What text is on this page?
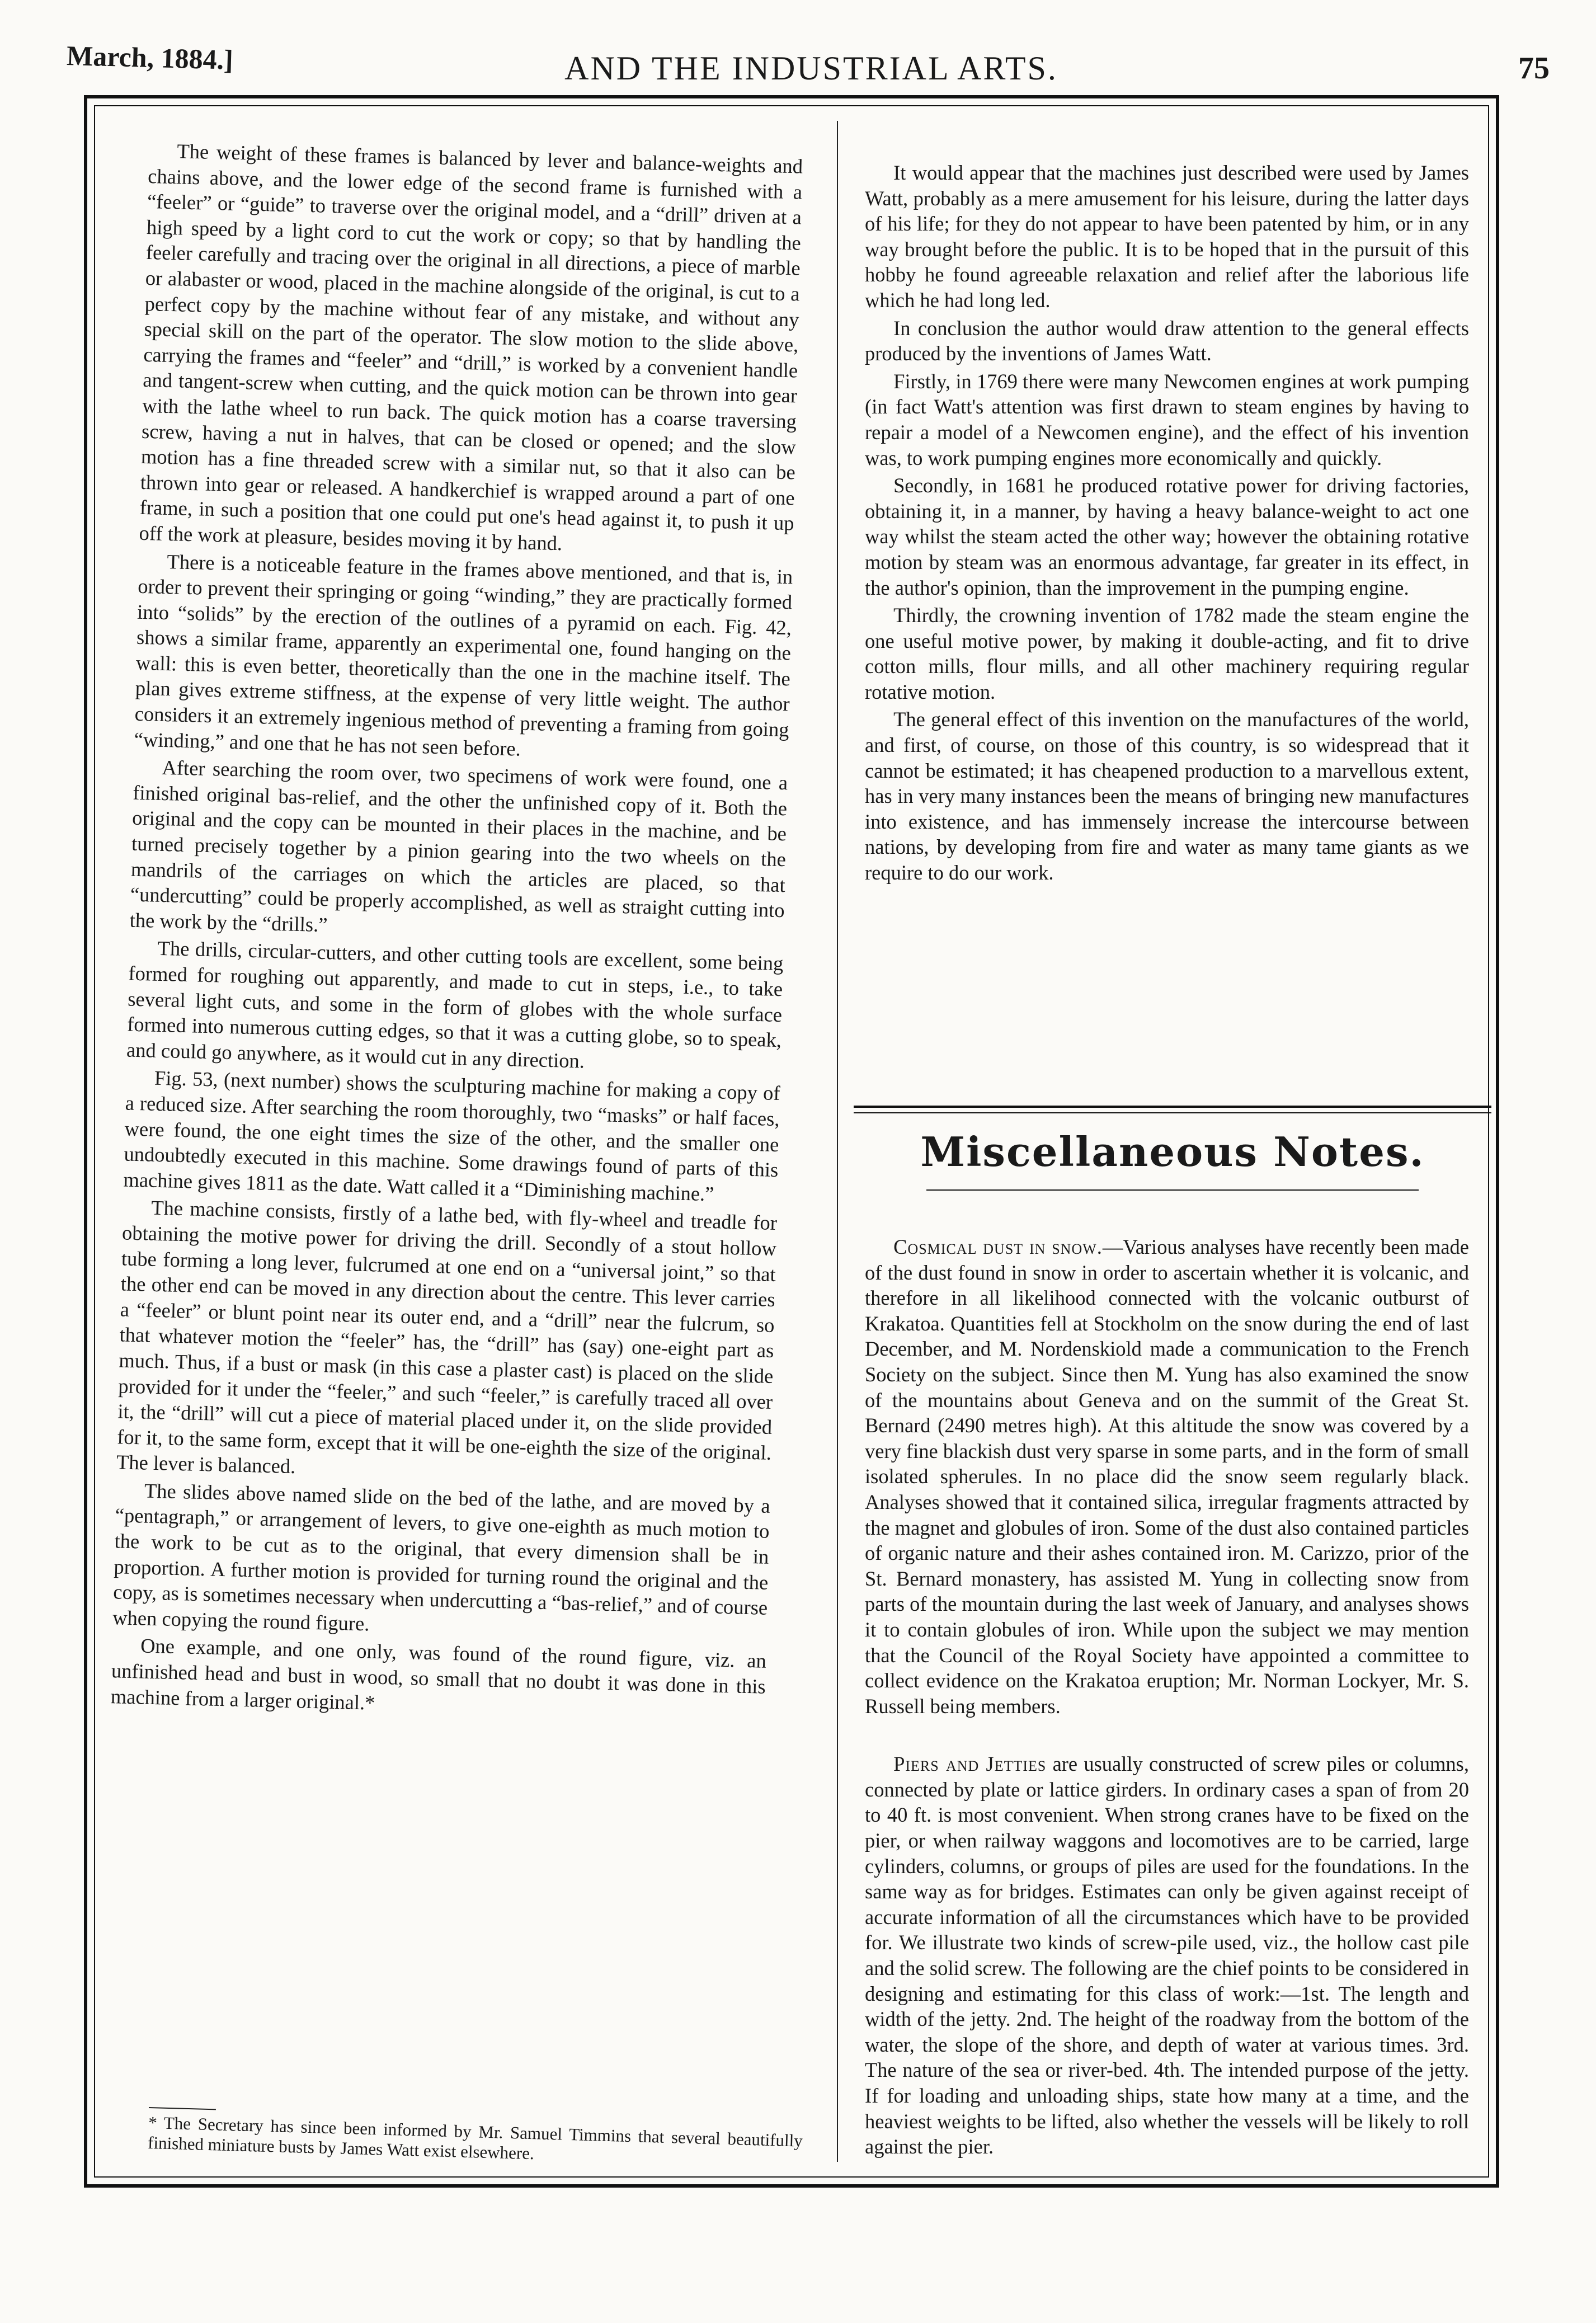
March, 1884.]	AND THE INDUSTRIAL ARTS.	75

The weight of these frames is balanced by lever and balance-weights and chains above, and the lower edge of the second frame is furnished with a “feeler” or “guide” to traverse over the original model, and a “drill” driven at a high speed by a light cord to cut the work or copy; so that by handling the feeler carefully and tracing over the original in all directions, a piece of marble or alabaster or wood, placed in the machine alongside of the original, is cut to a perfect copy by the machine without fear of any mistake, and without any special skill on the part of the operator. The slow motion to the slide above, carrying the frames and “feeler” and “drill,” is worked by a convenient handle and tangent-screw when cutting, and the quick motion can be thrown into gear with the lathe wheel to run back. The quick motion has a coarse traversing screw, having a nut in halves, that can be closed or opened; and the slow motion has a fine threaded screw with a similar nut, so that it also can be thrown into gear or released. A handkerchief is wrapped around a part of one frame, in such a position that one could put one's head against it, to push it up off the work at pleasure, besides moving it by hand.

There is a noticeable feature in the frames above mentioned, and that is, in order to prevent their springing or going “winding,” they are practically formed into “solids” by the erection of the outlines of a pyramid on each. Fig. 42, shows a similar frame, apparently an experimental one, found hanging on the wall: this is even better, theoretically than the one in the machine itself. The plan gives extreme stiffness, at the expense of very little weight. The author considers it an extremely ingenious method of preventing a framing from going “winding,” and one that he has not seen before.

After searching the room over, two specimens of work were found, one a finished original bas-relief, and the other the unfinished copy of it. Both the original and the copy can be mounted in their places in the machine, and be turned precisely together by a pinion gearing into the two wheels on the mandrils of the carriages on which the articles are placed, so that “undercutting” could be properly accomplished, as well as straight cutting into the work by the “drills.”

The drills, circular-cutters, and other cutting tools are excellent, some being formed for roughing out apparently, and made to cut in steps, i.e., to take several light cuts, and some in the form of globes with the whole surface formed into numerous cutting edges, so that it was a cutting globe, so to speak, and could go anywhere, as it would cut in any direction.

Fig. 53, (next number) shows the sculpturing machine for making a copy of a reduced size. After searching the room thoroughly, two “masks” or half faces, were found, the one eight times the size of the other, and the smaller one undoubtedly executed in this machine. Some drawings found of parts of this machine gives 1811 as the date. Watt called it a “Diminishing machine.”

The machine consists, firstly of a lathe bed, with fly-wheel and treadle for obtaining the motive power for driving the drill. Secondly of a stout hollow tube forming a long lever, fulcrumed at one end on a “universal joint,” so that the other end can be moved in any direction about the centre. This lever carries a “feeler” or blunt point near its outer end, and a “drill” near the fulcrum, so that whatever motion the “feeler” has, the “drill” has (say) one-eight part as much. Thus, if a bust or mask (in this case a plaster cast) is placed on the slide provided for it under the “feeler,” and such “feeler,” is carefully traced all over it, the “drill” will cut a piece of material placed under it, on the slide provided for it, to the same form, except that it will be one-eighth the size of the original. The lever is balanced.

The slides above named slide on the bed of the lathe, and are moved by a “pentagraph,” or arrangement of levers, to give one-eighth as much motion to the work to be cut as to the original, that every dimension shall be in proportion. A further motion is provided for turning round the original and the copy, as is sometimes necessary when undercutting a “bas-relief,” and of course when copying the round figure.

One example, and one only, was found of the round figure, viz. an unfinished head and bust in wood, so small that no doubt it was done in this machine from a larger original.*

* The Secretary has since been informed by Mr. Samuel Timmins that several beautifully finished miniature busts by James Watt exist elsewhere.

It would appear that the machines just described were used by James Watt, probably as a mere amusement for his leisure, during the latter days of his life; for they do not appear to have been patented by him, or in any way brought before the public. It is to be hoped that in the pursuit of this hobby he found agreeable relaxation and relief after the laborious life which he had long led.

In conclusion the author would draw attention to the general effects produced by the inventions of James Watt.

Firstly, in 1769 there were many Newcomen engines at work pumping (in fact Watt's attention was first drawn to steam engines by having to repair a model of a Newcomen engine), and the effect of his invention was, to work pumping engines more economically and quickly.

Secondly, in 1681 he produced rotative power for driving factories, obtaining it, in a manner, by having a heavy balance-weight to act one way whilst the steam acted the other way; however the obtaining rotative motion by steam was an enormous advantage, far greater in its effect, in the author's opinion, than the improvement in the pumping engine.

Thirdly, the crowning invention of 1782 made the steam engine the one useful motive power, by making it double-acting, and fit to drive cotton mills, flour mills, and all other machinery requiring regular rotative motion.

The general effect of this invention on the manufactures of the world, and first, of course, on those of this country, is so widespread that it cannot be estimated; it has cheapened production to a marvellous extent, has in very many instances been the means of bringing new manufactures into existence, and has immensely increase the intercourse between nations, by developing from fire and water as many tame giants as we require to do our work.

Miscellaneous Notes.

Cosmical dust in snow.—Various analyses have recently been made of the dust found in snow in order to ascertain whether it is volcanic, and therefore in all likelihood connected with the volcanic outburst of Krakatoa. Quantities fell at Stockholm on the snow during the end of last December, and M. Nordenskiold made a communication to the French Society on the subject. Since then M. Yung has also examined the snow of the mountains about Geneva and on the summit of the Great St. Bernard (2490 metres high). At this altitude the snow was covered by a very fine blackish dust very sparse in some parts, and in the form of small isolated spherules. In no place did the snow seem regularly black. Analyses showed that it contained silica, irregular fragments attracted by the magnet and globules of iron. Some of the dust also contained particles of organic nature and their ashes contained iron. M. Carizzo, prior of the St. Bernard monastery, has assisted M. Yung in collecting snow from parts of the mountain during the last week of January, and analyses shows it to contain globules of iron. While upon the subject we may mention that the Council of the Royal Society have appointed a committee to collect evidence on the Krakatoa eruption; Mr. Norman Lockyer, Mr. S. Russell being members.

Piers and Jetties are usually constructed of screw piles or columns, connected by plate or lattice girders. In ordinary cases a span of from 20 to 40 ft. is most convenient. When strong cranes have to be fixed on the pier, or when railway waggons and locomotives are to be carried, large cylinders, columns, or groups of piles are used for the foundations. In the same way as for bridges. Estimates can only be given against receipt of accurate information of all the circumstances which have to be provided for. We illustrate two kinds of screw-pile used, viz., the hollow cast pile and the solid screw. The following are the chief points to be considered in designing and estimating for this class of work:—1st. The length and width of the jetty. 2nd. The height of the roadway from the bottom of the water, the slope of the shore, and depth of water at various times. 3rd. The nature of the sea or river-bed. 4th. The intended purpose of the jetty. If for loading and unloading ships, state how many at a time, and the heaviest weights to be lifted, also whether the vessels will be likely to roll against the pier.
